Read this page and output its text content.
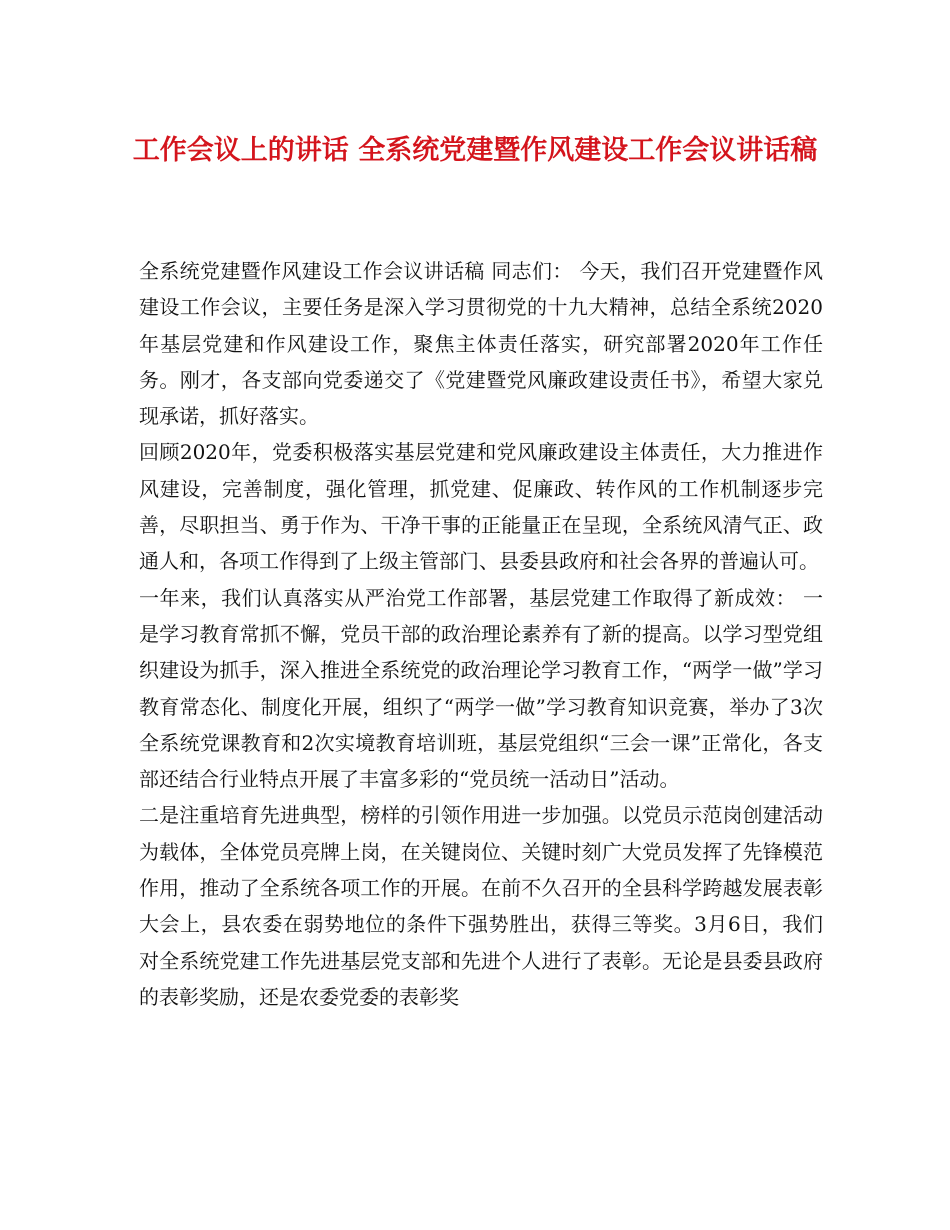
工作会议上的讲话 全系统党建暨作风建设工作会议讲话稿

全系统党建暨作风建设工作会议讲话稿 同志们： 今天，我们召开党建暨作风建设工作会议，主要任务是深入学习贯彻党的十九大精神，总结全系统2020年基层党建和作风建设工作，聚焦主体责任落实，研究部署2020年工作任务。刚才，各支部向党委递交了《党建暨党风廉政建设责任书》，希望大家兑现承诺，抓好落实。

回顾2020年，党委积极落实基层党建和党风廉政建设主体责任，大力推进作风建设，完善制度，强化管理，抓党建、促廉政、转作风的工作机制逐步完善，尽职担当、勇于作为、干净干事的正能量正在呈现，全系统风清气正、政通人和，各项工作得到了上级主管部门、县委县政府和社会各界的普遍认可。

一年来，我们认真落实从严治党工作部署，基层党建工作取得了新成效： 一是学习教育常抓不懈，党员干部的政治理论素养有了新的提高。以学习型党组织建设为抓手，深入推进全系统党的政治理论学习教育工作，“两学一做”学习教育常态化、制度化开展，组织了“两学一做”学习教育知识竞赛，举办了3次全系统党课教育和2次实境教育培训班，基层党组织“三会一课”正常化，各支部还结合行业特点开展了丰富多彩的“党员统一活动日”活动。

二是注重培育先进典型，榜样的引领作用进一步加强。以党员示范岗创建活动为载体，全体党员亮牌上岗，在关键岗位、关键时刻广大党员发挥了先锋模范作用，推动了全系统各项工作的开展。在前不久召开的全县科学跨越发展表彰大会上，县农委在弱势地位的条件下强势胜出，获得三等奖。3月6日，我们对全系统党建工作先进基层党支部和先进个人进行了表彰。无论是县委县政府的表彰奖励，还是农委党委的表彰奖
